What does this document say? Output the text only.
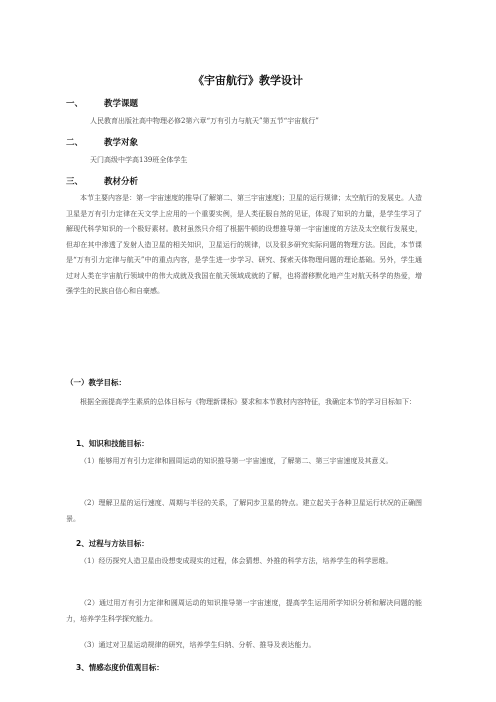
《宇宙航行》教学设计
一、 教学课题
人民教育出版社高中物理必修2第六章“万有引力与航天”第五节“宇宙航行”
二、 教学对象
天门高级中学高139班全体学生
三、 教材分析
本节主要内容是：第一宇宙速度的推导(了解第二、第三宇宙速度)；卫星的运行规律；太空航行的发展史。人造卫星是万有引力定律在天文学上应用的一个重要实例，是人类征服自然的见证，体现了知识的力量，是学生学习了解现代科学知识的一个极好素材。教材虽然只介绍了根据牛顿的设想推导第一宇宙速度的方法及太空航行发展史，但却在其中渗透了发射人造卫星的相关知识，卫星运行的规律，以及很多研究实际问题的物理方法。因此，本节课是“万有引力定律与航天”中的重点内容，是学生进一步学习、研究、探索天体物理问题的理论基础。另外，学生通过对人类在宇宙航行领域中的伟大成就及我国在航天领域成就的了解，也将潜移默化地产生对航天科学的热爱，增强学生的民族自信心和自豪感。
（一）教学目标：
根据全面提高学生素质的总体目标与《物理新课标》要求和本节教材内容特征，我确定本节的学习目标如下：
1、知识和技能目标：
（1）能够用万有引力定律和圆周运动的知识推导第一宇宙速度，了解第二、第三宇宙速度及其意义。
（2）理解卫星的运行速度、周期与半径的关系，了解同步卫星的特点。建立起关于各种卫星运行状况的正确图景。
2、过程与方法目标：
（1）经历探究人造卫星由设想变成现实的过程，体会猜想、外推的科学方法，培养学生的科学思维。
（2）通过用万有引力定律和圆周运动的知识推导第一宇宙速度，提高学生运用所学知识分析和解决问题的能力，培养学生科学探究能力。
（3）通过对卫星运动规律的研究，培养学生归纳、分析、推导及表达能力。
3、情感态度价值观目标：
